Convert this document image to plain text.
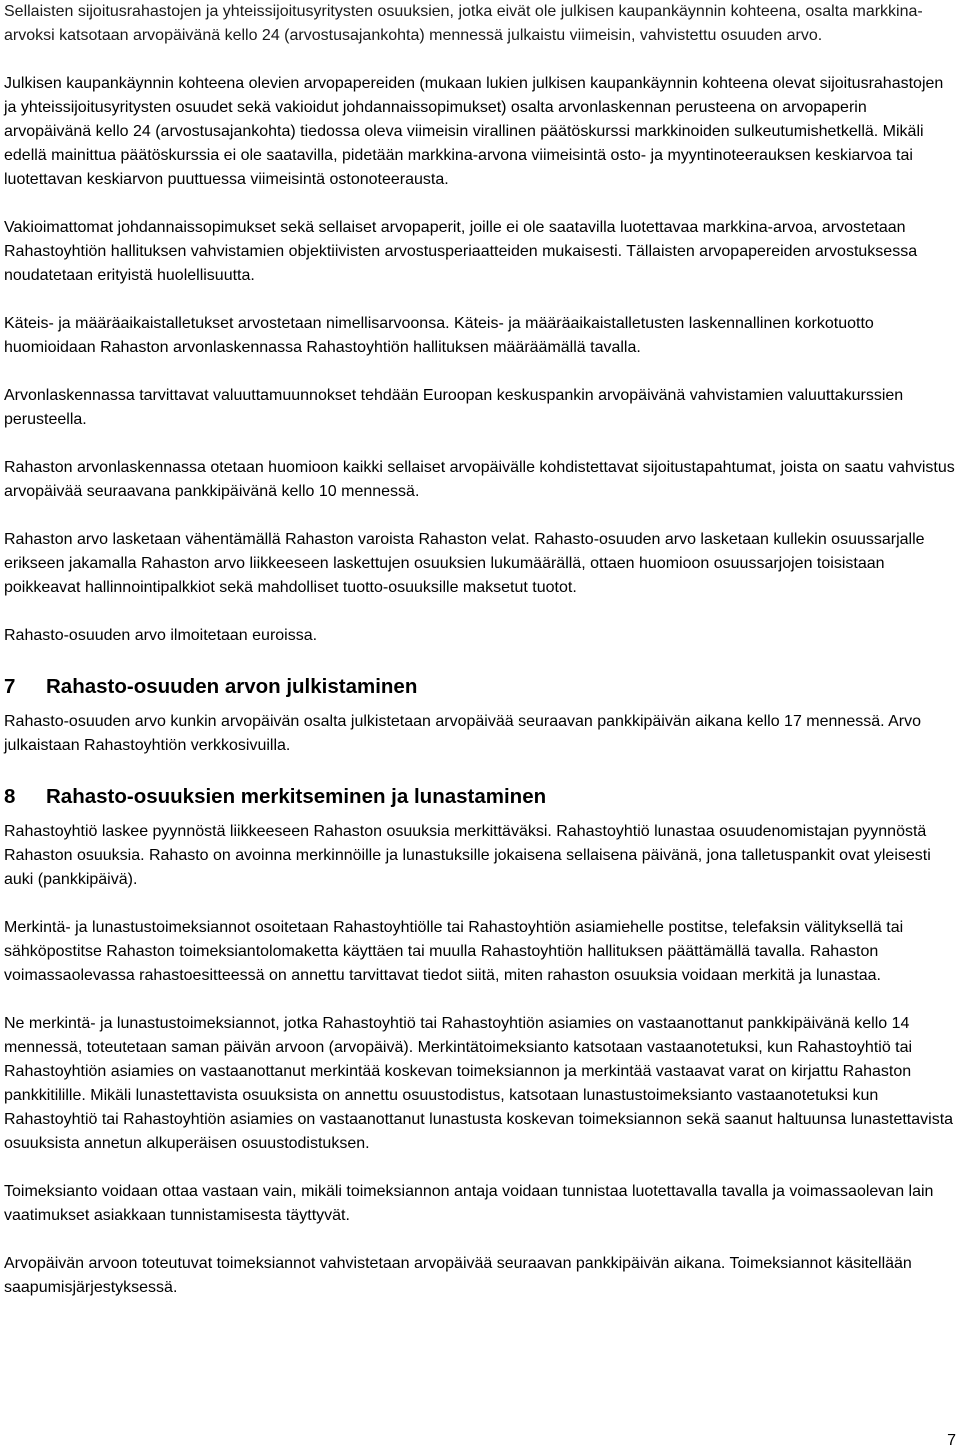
Sellaisten sijoitusrahastojen ja yhteissijoitusyritysten osuuksien, jotka eivät ole julkisen kaupankäynnin kohteena, osalta markkina-arvoksi katsotaan arvopäivänä kello 24 (arvostusajankohta) mennessä julkaistu viimeisin, vahvistettu osuuden arvo.

Julkisen kaupankäynnin kohteena olevien arvopapereiden (mukaan lukien julkisen kaupankäynnin kohteena olevat sijoitusrahastojen ja yhteissijoitusyritysten osuudet sekä vakioidut johdannaissopimukset) osalta arvonlaskennan perusteena on arvopaperin arvopäivänä kello 24 (arvostusajankohta) tiedossa oleva viimeisin virallinen päätöskurssi markkinoiden sulkeutumishetkellä. Mikäli edellä mainittua päätöskurssia ei ole saatavilla, pidetään markkina-arvona viimeisintä osto- ja myyntinoteerauksen keskiarvoa tai luotettavan keskiarvon puuttuessa viimeisintä ostonoteerausta.

Vakioimattomat johdannaissopimukset sekä sellaiset arvopaperit, joille ei ole saatavilla luotettavaa markkina-arvoa, arvostetaan Rahastoyhtiön hallituksen vahvistamien objektiivisten arvostusperiaatteiden mukaisesti. Tällaisten arvopapereiden arvostuksessa noudatetaan erityistä huolellisuutta.

Käteis- ja määräaikaistalletukset arvostetaan nimellisarvoonsa. Käteis- ja määräaikaistalletusten laskennallinen korkotuotto huomioidaan Rahaston arvonlaskennassa Rahastoyhtiön hallituksen määräämällä tavalla.

Arvonlaskennassa tarvittavat valuuttamuunnokset tehdään Euroopan keskuspankin arvopäivänä vahvistamien valuuttakurssien perusteella.

Rahaston arvonlaskennassa otetaan huomioon kaikki sellaiset arvopäivälle kohdistettavat sijoitustapahtumat, joista on saatu vahvistus arvopäivää seuraavana pankkipäivänä kello 10 mennessä.

Rahaston arvo lasketaan vähentämällä Rahaston varoista Rahaston velat. Rahasto-osuuden arvo lasketaan kullekin osuussarjalle erikseen jakamalla Rahaston arvo liikkeeseen laskettujen osuuksien lukumäärällä, ottaen huomioon osuussarjojen toisistaan poikkeavat hallinnointipalkkiot sekä mahdolliset tuotto-osuuksille maksetut tuotot.

Rahasto-osuuden arvo ilmoitetaan euroissa.

7	Rahasto-osuuden arvon julkistaminen

Rahasto-osuuden arvo kunkin arvopäivän osalta julkistetaan arvopäivää seuraavan pankkipäivän aikana kello 17 mennessä. Arvo julkaistaan Rahastoyhtiön verkkosivuilla.

8	Rahasto-osuuksien merkitseminen ja lunastaminen

Rahastoyhtiö laskee pyynnöstä liikkeeseen Rahaston osuuksia merkittäväksi. Rahastoyhtiö lunastaa osuudenomistajan pyynnöstä Rahaston osuuksia. Rahasto on avoinna merkinnöille ja lunastuksille jokaisena sellaisena päivänä, jona talletuspankit ovat yleisesti auki (pankkipäivä).

Merkintä- ja lunastustoimeksiannot osoitetaan Rahastoyhtiölle tai Rahastoyhtiön asiamiehelle postitse, telefaksin välityksellä tai sähköpostitse Rahaston toimeksiantolomaketta käyttäen tai muulla Rahastoyhtiön hallituksen päättämällä tavalla. Rahaston voimassaolevassa rahastoesitteessä on annettu tarvittavat tiedot siitä, miten rahaston osuuksia voidaan merkitä ja lunastaa.

Ne merkintä- ja lunastustoimeksiannot, jotka Rahastoyhtiö tai Rahastoyhtiön asiamies on vastaanottanut pankkipäivänä kello 14 mennessä, toteutetaan saman päivän arvoon (arvopäivä). Merkintätoimeksianto katsotaan vastaanotetuksi, kun Rahastoyhtiö tai Rahastoyhtiön asiamies on vastaanottanut merkintää koskevan toimeksiannon ja merkintää vastaavat varat on kirjattu Rahaston pankkitilille. Mikäli lunastettavista osuuksista on annettu osuustodistus, katsotaan lunastustoimeksianto vastaanotetuksi kun Rahastoyhtiö tai Rahastoyhtiön asiamies on vastaanottanut lunastusta koskevan toimeksiannon sekä saanut haltuunsa lunastettavista osuuksista annetun alkuperäisen osuustodistuksen.

Toimeksianto voidaan ottaa vastaan vain, mikäli toimeksiannon antaja voidaan tunnistaa luotettavalla tavalla ja voimassaolevan lain vaatimukset asiakkaan tunnistamisesta täyttyvät.

Arvopäivän arvoon toteutuvat toimeksiannot vahvistetaan arvopäivää seuraavan pankkipäivän aikana. Toimeksiannot käsitellään saapumisjärjestyksessä.

7
